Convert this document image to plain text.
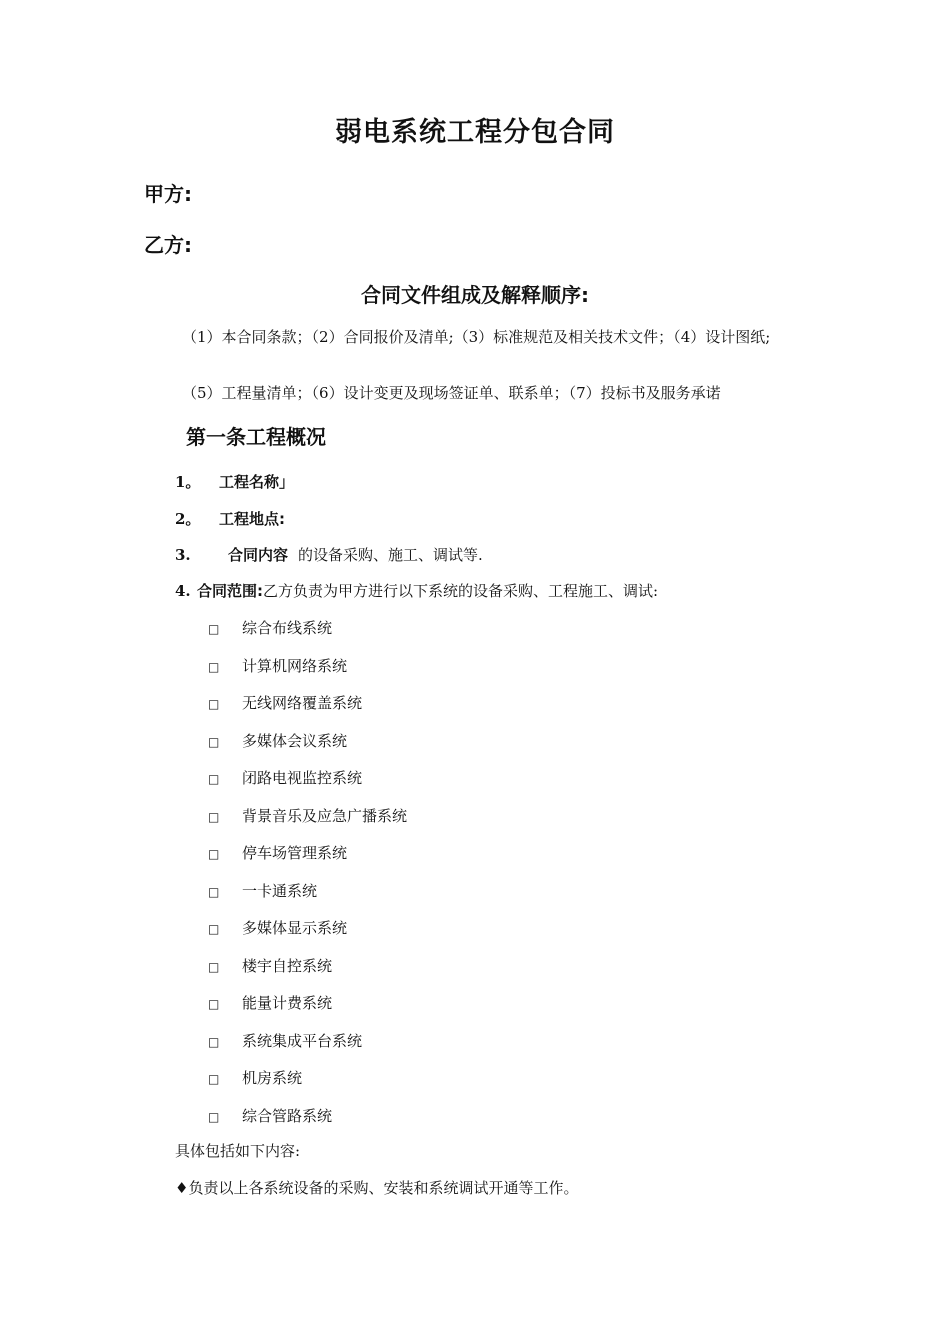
弱电系统工程分包合同
甲方:
乙方:
合同文件组成及解释顺序:
（1）本合同条款；（2）合同报价及清单;（3）标准规范及相关技术文件；（4）设计图纸;
（5）工程量清单；（6）设计变更及现场签证单、联系单；（7）投标书及服务承诺
第一条工程概况
1。 工程名称」
2。 工程地点:
3. 合同内容 的设备采购、施工、调试等.
4. 合同范围:乙方负责为甲方进行以下系统的设备采购、工程施工、调试:
□ 综合布线系统
□ 计算机网络系统
□ 无线网络覆盖系统
□ 多媒体会议系统
□ 闭路电视监控系统
□ 背景音乐及应急广播系统
□ 停车场管理系统
□ 一卡通系统
□ 多媒体显示系统
□ 楼宇自控系统
□ 能量计费系统
□ 系统集成平台系统
□ 机房系统
□ 综合管路系统
具体包括如下内容:
♦负责以上各系统设备的采购、安装和系统调试开通等工作。
